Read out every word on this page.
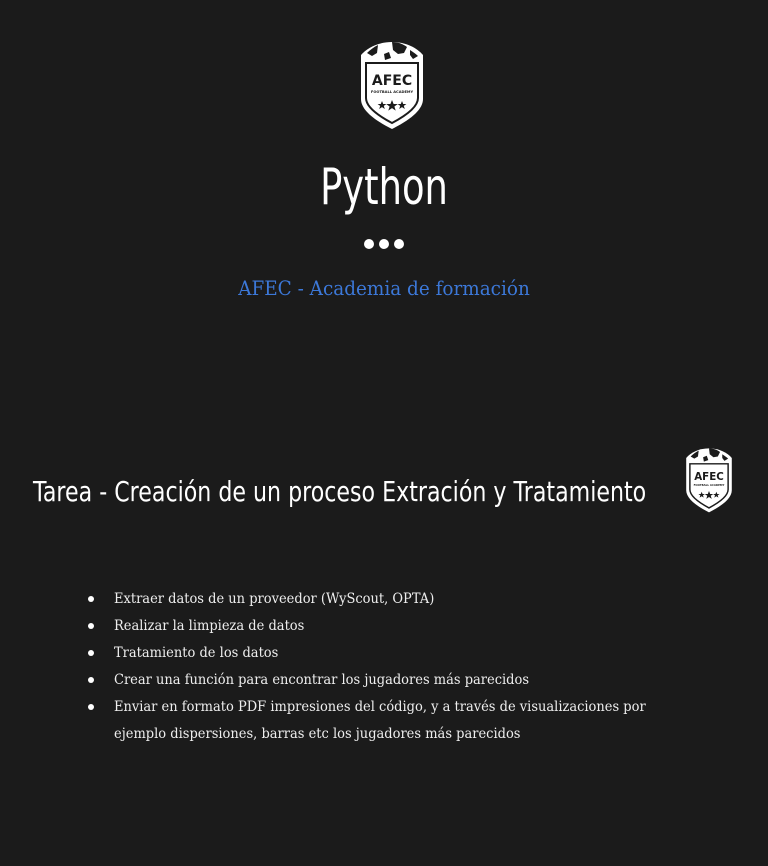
AFEC
FOOTBALL ACADEMY
Python
AFEC - Academia de formación
Tarea - Creación de un proceso Extración y Tratamiento	AFEC
FOOTBALL ACADEMY
Extraer datos de un proveedor (WyScout, OPTA)
Realizar la limpieza de datos
Tratamiento de los datos
Crear una función para encontrar los jugadores más parecidos
Enviar en formato PDF impresiones del código, y a través de visualizaciones por ejemplo dispersiones, barras etc los jugadores más parecidos
